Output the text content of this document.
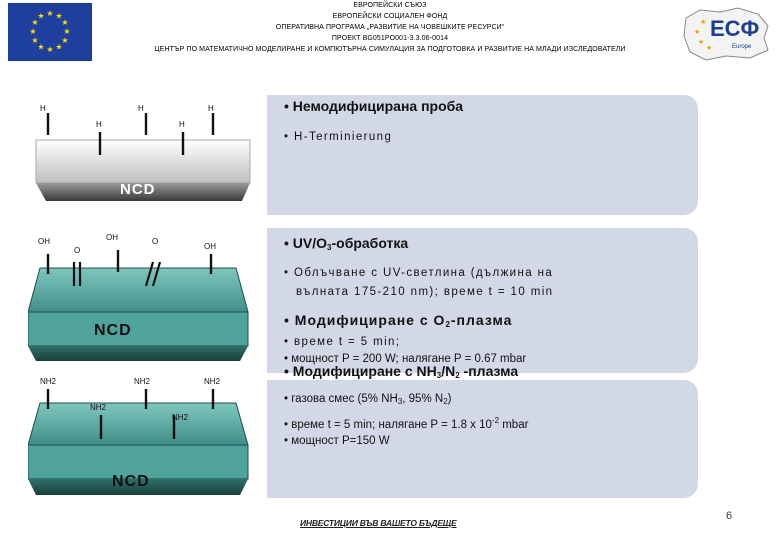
★ ★
★
★
★
★
★
★
★
★
★
★
ЕВРОПЕЙСКИ СЪЮЗ
ЕВРОПЕЙСКИ СОЦИАЛЕН ФОНД
ОПЕРАТИВНА ПРОГРАМА „РАЗВИТИЕ НА ЧОВЕШКИТЕ РЕСУРСИ“
ПРОЕКТ BG051PO001-3.3.06-0014
ЦЕНТЪР ПО МАТЕМАТИЧНО МОДЕЛИРАНЕ И КОМПЮТЪРНА СИМУЛАЦИЯ ЗА ПОДГОТОВКА И РАЗВИТИЕ НА МЛАДИ ИЗСЛЕДОВАТЕЛИ
★
★
★
★
ЕСФ
Europe
H
H
H
H
H
NCD
OH
O
OH	O
OH
NCD
NH2
NH2
NH2
NH2
NH2
NCD
• Немодифицирана проба
• H-Terminierung
• $UV/O_3$-обработка
• Облъчване с UV-светлина (дължина на
вълната 175-210 nm); време t = 10 min
• Модифициране с $O_2$-плазма
• време t = 5 min;
• мощност P = 200 W; налягане P = 0.67 mbar
• Модифициране с $NH_3/N_2$ -плазма
• газова смес (5% $NH_3$, 95% $N_2$)
• време t = 5 min; налягане P = 1.8 x $10^{-2}$ mbar
• мощност P=150 W
ИНВЕСТИЦИИ ВЪВ ВАШЕТО БЪДЕЩЕ
6
